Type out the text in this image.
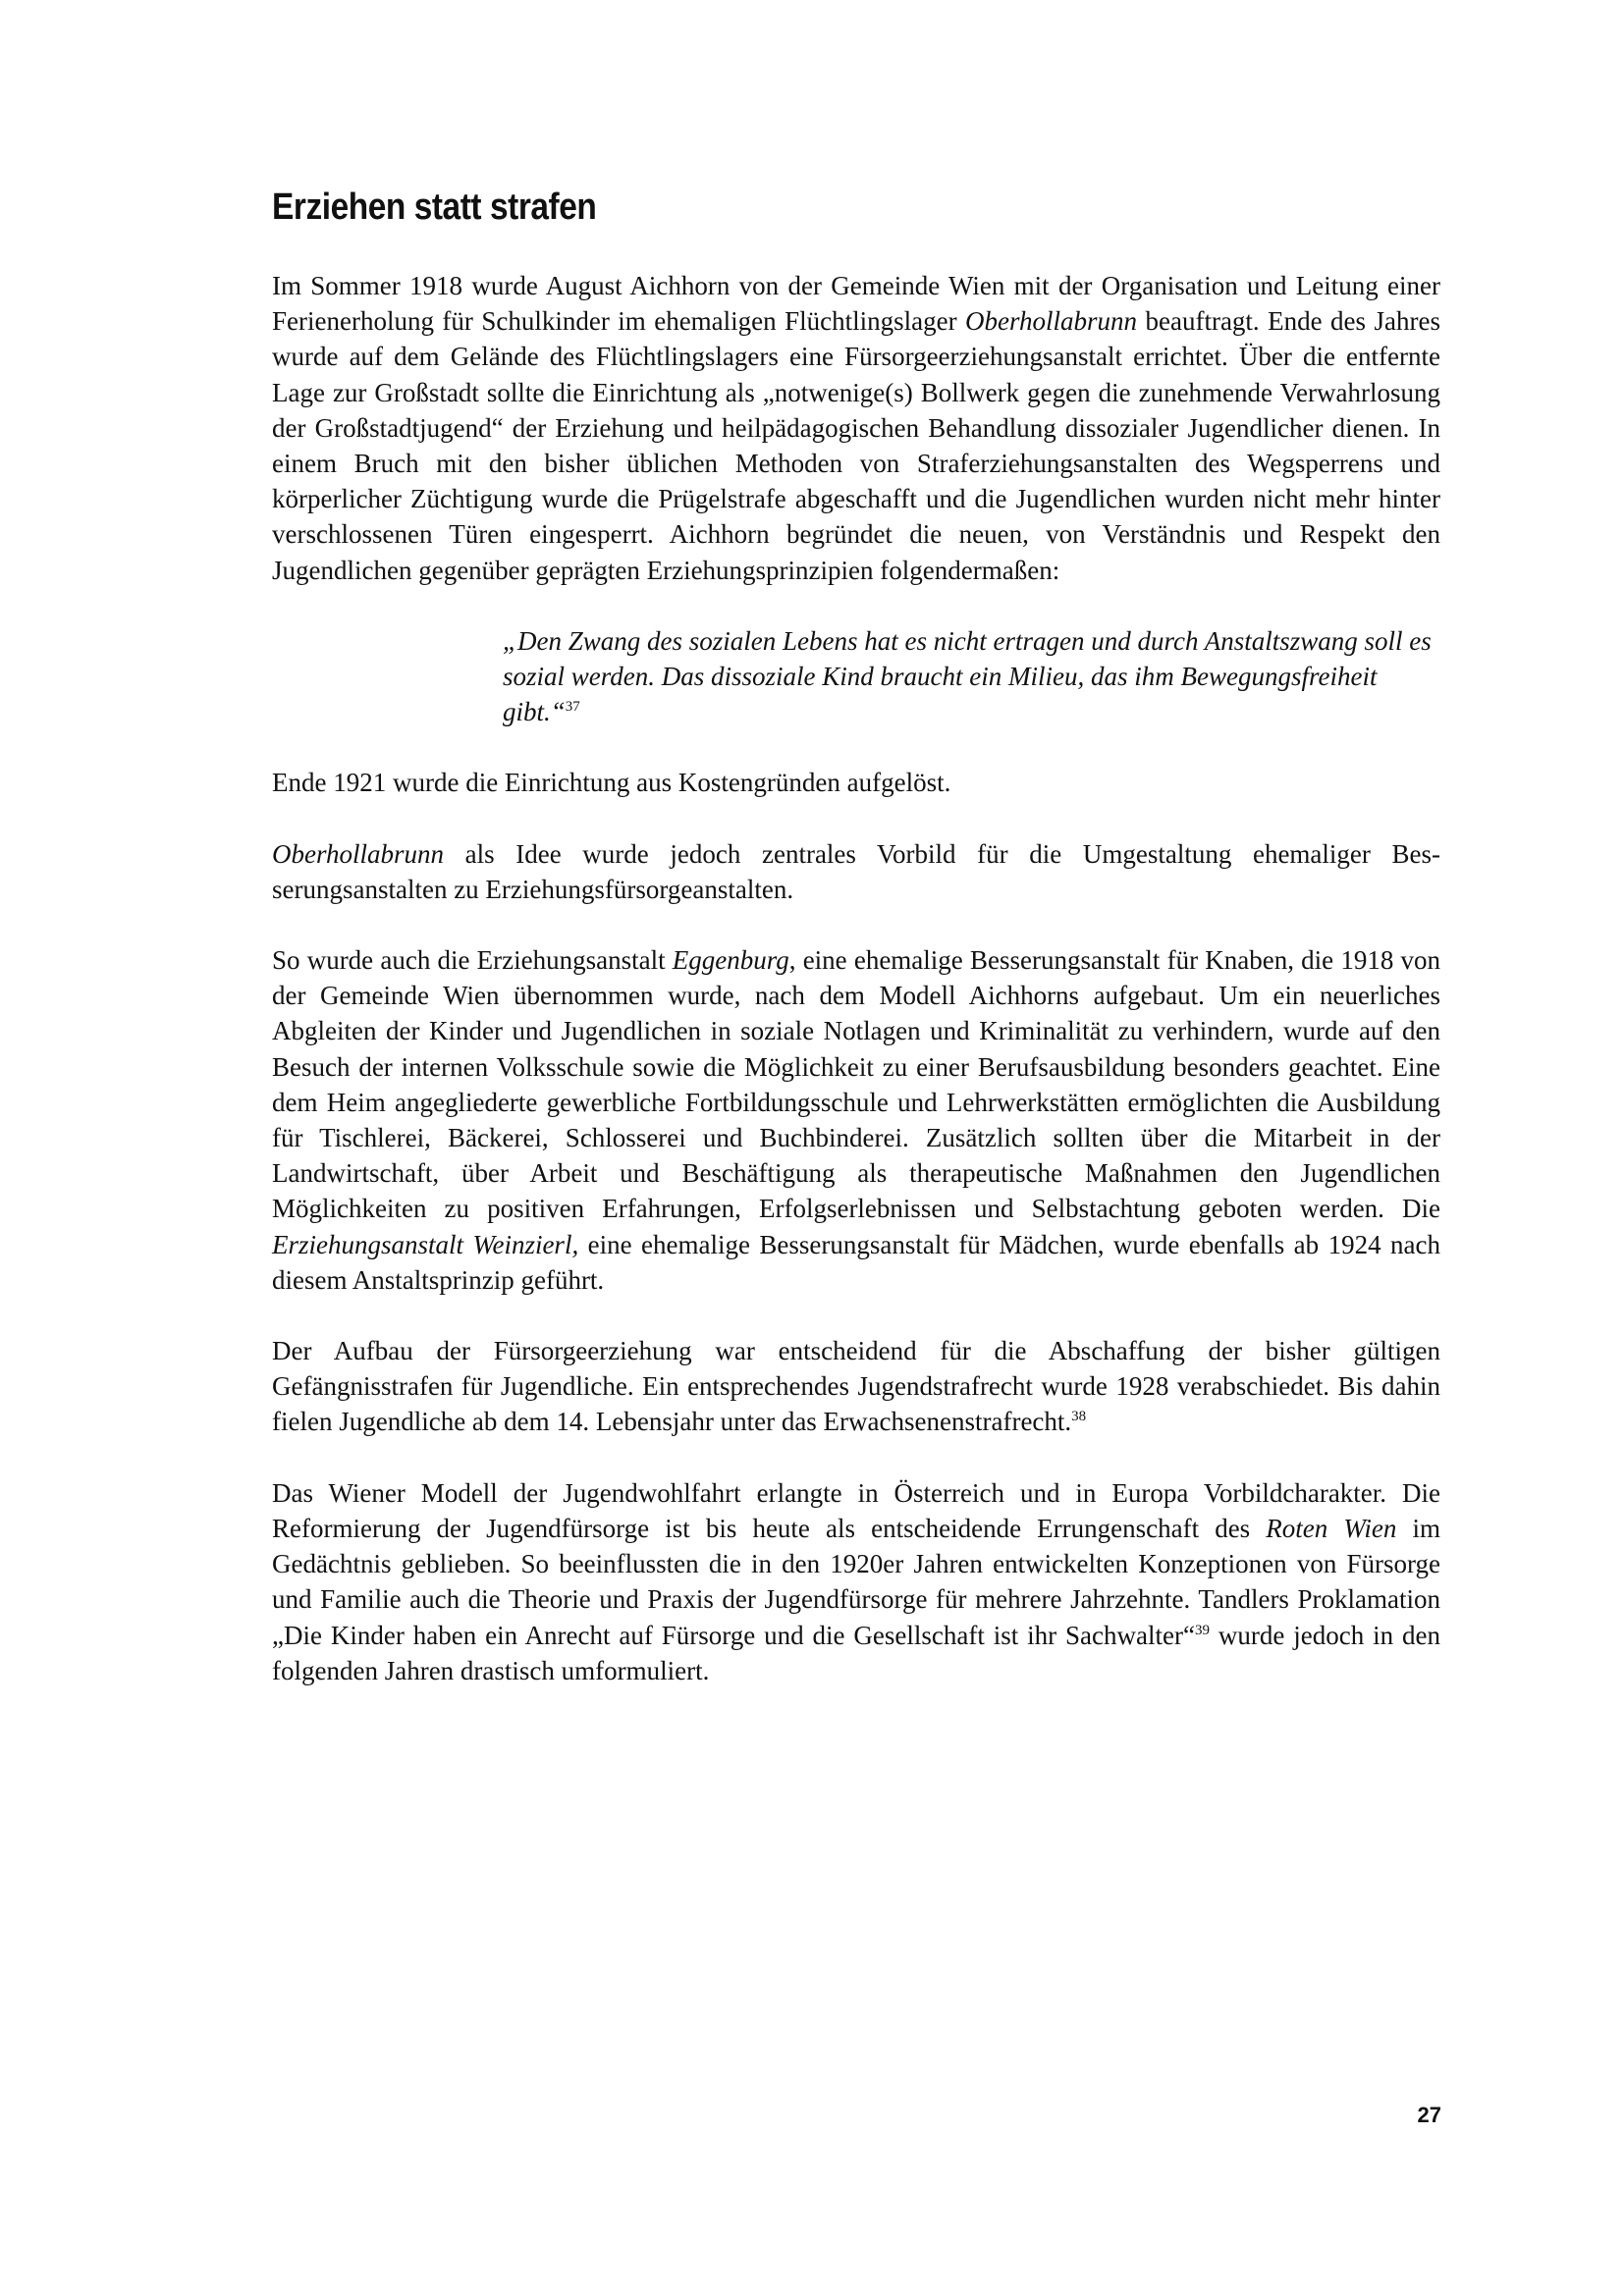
Erziehen statt strafen

Im Sommer 1918 wurde August Aichhorn von der Gemeinde Wien mit der Organisation und Leitung einer Ferienerholung für Schulkinder im ehemaligen Flüchtlingslager Oberhollabrunn beauftragt. Ende des Jahres wurde auf dem Gelände des Flüchtlingslagers eine Fürsorgeerziehungsanstalt errichtet. Über die entfernte Lage zur Großstadt sollte die Einrichtung als „notwenige(s) Bollwerk gegen die zunehmende Verwahrlosung der Großstadtjugend“ der Erziehung und heilpädagogischen Behandlung dissozialer Jugendlicher dienen. In einem Bruch mit den bisher üblichen Methoden von Straferziehungsanstalten des Wegsperrens und körperlicher Züchtigung wurde die Prügelstrafe abgeschafft und die Jugendlichen wurden nicht mehr hinter verschlossenen Türen eingesperrt. Aichhorn begründet die neuen, von Verständnis und Respekt den Jugendlichen gegenüber geprägten Erziehungsprinzipien folgendermaßen:

„Den Zwang des sozialen Lebens hat es nicht ertragen und durch Anstaltszwang soll es sozial werden. Das dissoziale Kind braucht ein Milieu, das ihm Bewegungsfreiheit gibt.“$^{37}$

Ende 1921 wurde die Einrichtung aus Kostengründen aufgelöst.

Oberhollabrunn als Idee wurde jedoch zentrales Vorbild für die Umgestaltung ehemaliger Besserungsanstalten zu Erziehungsfürsorgeanstalten.

So wurde auch die Erziehungsanstalt Eggenburg, eine ehemalige Besserungsanstalt für Knaben, die 1918 von der Gemeinde Wien übernommen wurde, nach dem Modell Aichhorns aufgebaut. Um ein neuerliches Abgleiten der Kinder und Jugendlichen in soziale Notlagen und Kriminalität zu verhindern, wurde auf den Besuch der internen Volksschule sowie die Möglichkeit zu einer Berufsausbildung besonders geachtet. Eine dem Heim angegliederte gewerbliche Fortbildungsschule und Lehrwerkstätten ermöglichten die Ausbildung für Tischlerei, Bäckerei, Schlosserei und Buchbinderei. Zusätzlich sollten über die Mitarbeit in der Landwirtschaft, über Arbeit und Beschäftigung als therapeutische Maßnahmen den Jugendlichen Möglichkeiten zu positiven Erfahrungen, Erfolgserlebnissen und Selbstachtung geboten werden. Die Erziehungsanstalt Weinzierl, eine ehemalige Besserungsanstalt für Mädchen, wurde ebenfalls ab 1924 nach diesem Anstaltsprinzip geführt.

Der Aufbau der Fürsorgeerziehung war entscheidend für die Abschaffung der bisher gültigen Gefängnisstrafen für Jugendliche. Ein entsprechendes Jugendstrafrecht wurde 1928 verabschiedet. Bis dahin fielen Jugendliche ab dem 14. Lebensjahr unter das Erwachsenenstrafrecht.$^{38}$

Das Wiener Modell der Jugendwohlfahrt erlangte in Österreich und in Europa Vorbildcharakter. Die Reformierung der Jugendfürsorge ist bis heute als entscheidende Errungenschaft des Roten Wien im Gedächtnis geblieben. So beeinflussten die in den 1920er Jahren entwickelten Konzeptionen von Fürsorge und Familie auch die Theorie und Praxis der Jugendfürsorge für mehrere Jahrzehnte. Tandlers Proklamation „Die Kinder haben ein Anrecht auf Fürsorge und die Gesellschaft ist ihr Sachwalter“$^{39}$ wurde jedoch in den folgenden Jahren drastisch umformuliert.

27
